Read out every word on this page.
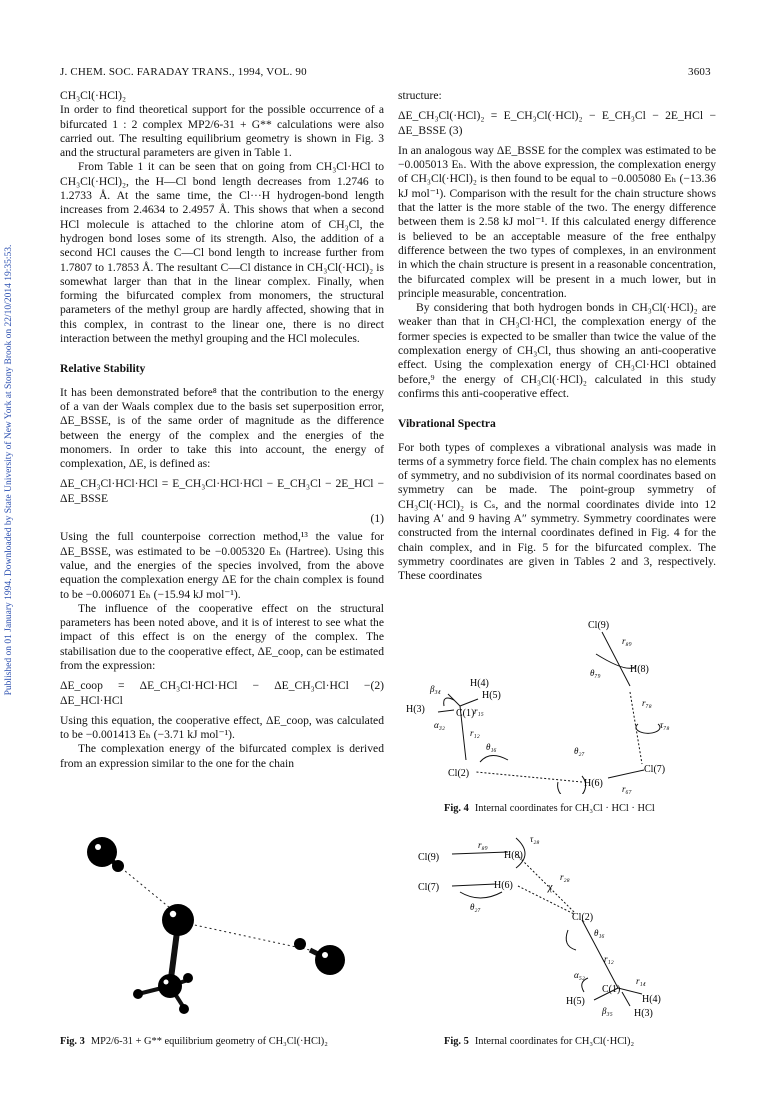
J. CHEM. SOC. FARADAY TRANS., 1994, VOL. 90	3603
Published on 01 January 1994. Downloaded by State University of New York at Stony Brook on 22/10/2014 19:35:53.

CH₃Cl(·HCl)₂

In order to find theoretical support for the possible occurrence of a bifurcated 1 : 2 complex MP2/6-31 + G** calculations were also carried out. The resulting equilibrium geometry is shown in Fig. 3 and the structural parameters are given in Table 1.

From Table 1 it can be seen that on going from CH₃Cl·HCl to CH₃Cl(·HCl)₂, the H—Cl bond length decreases from 1.2746 to 1.2733 Å. At the same time, the Cl···H hydrogen-bond length increases from 2.4634 to 2.4957 Å. This shows that when a second HCl molecule is attached to the chlorine atom of CH₃Cl, the hydrogen bond loses some of its strength. Also, the addition of a second HCl causes the C—Cl bond length to increase further from 1.7807 to 1.7853 Å. The resultant C—Cl distance in CH₃Cl(·HCl)₂ is somewhat larger than that in the linear complex. Finally, when forming the bifurcated complex from monomers, the structural parameters of the methyl group are hardly affected, showing that in this complex, in contrast to the linear one, there is no direct interaction between the methyl grouping and the HCl molecules.

Relative Stability

It has been demonstrated before⁸ that the contribution to the energy of a van der Waals complex due to the basis set superposition error, ΔE_BSSE, is of the same order of magnitude as the difference between the energy of the complex and the energies of the monomers. In order to take this into account, the energy of complexation, ΔE, is defined as:

ΔE_CH₃Cl·HCl·HCl = E_CH₃Cl·HCl·HCl − E_CH₃Cl − 2E_HCl − ΔE_BSSE

(1)

Using the full counterpoise correction method,¹³ the value for ΔE_BSSE, was estimated to be −0.005320 Eₕ (Hartree). Using this value, and the energies of the species involved, from the above equation the complexation energy ΔE for the chain complex is found to be −0.006071 Eₕ (−15.94 kJ mol⁻¹).

The influence of the cooperative effect on the structural parameters has been noted above, and it is of interest to see what the impact of this effect is on the energy of the complex. The stabilisation due to the cooperative effect, ΔE_coop, can be estimated from the expression:

ΔE_coop = ΔE_CH₃Cl·HCl·HCl − ΔE_CH₃Cl·HCl − ΔE_HCl·HCl
(2)

Using this equation, the cooperative effect, ΔE_coop, was calculated to be −0.001413 Eₕ (−3.71 kJ mol⁻¹).

The complexation energy of the bifurcated complex is derived from an expression similar to the one for the chain

structure:

ΔE_CH₃Cl(·HCl)₂ = E_CH₃Cl(·HCl)₂ − E_CH₃Cl − 2E_HCl − ΔE_BSSE (3)

In an analogous way ΔE_BSSE for the complex was estimated to be −0.005013 Eₕ. With the above expression, the complexation energy of CH₃Cl(·HCl)₂ is then found to be equal to −0.005080 Eₕ (−13.36 kJ mol⁻¹). Comparison with the result for the chain structure shows that the latter is the more stable of the two. The energy difference between them is 2.58 kJ mol⁻¹. If this calculated energy difference is believed to be an acceptable measure of the free enthalpy difference between the two types of complexes, in an environment in which the chain structure is present in a reasonable concentration, the bifurcated complex will be present in a much lower, but in principle measurable, concentration.

By considering that both hydrogen bonds in CH₃Cl(·HCl)₂ are weaker than that in CH₃Cl·HCl, the complexation energy of the former species is expected to be smaller than twice the value of the complexation energy of CH₃Cl, thus showing an anti-cooperative effect. Using the complexation energy of CH₃Cl·HCl obtained before,⁹ the energy of CH₃Cl(·HCl)₂ calculated in this study confirms this anti-cooperative effect.

Vibrational Spectra

For both types of complexes a vibrational analysis was made in terms of a symmetry force field. The chain complex has no elements of symmetry, and no subdivision of its normal coordinates based on symmetry can be made. The point-group symmetry of CH₃Cl(·HCl)₂ is Cₛ, and the normal coordinates divide into 12 having A′ and 9 having A″ symmetry. Symmetry coordinates were constructed from the internal coordinates defined in Fig. 4 for the chain complex, and in Fig. 5 for the bifurcated complex. The symmetry coordinates are given in Tables 2 and 3, respectively. These coordinates

Fig. 3 MP2/6-31 + G** equilibrium geometry of CH₃Cl(·HCl)₂
Cl(9)
r₈₉
θ₇₉	H(8)
r₇₈
τ₇₈
Cl(7)
r₆₇
θ₂₇
H(6)
Cl(2)
θ₁₆
r₁₂
α₃₂
H(3)	C(1)
β₃₄	H(4)
H(5)
r₁₅
Fig. 4 Internal coordinates for CH₃Cl · HCl · HCl
Cl(9)
r₈₉
H(8)
τ₂₈
r₂₈
χ
Cl(7)	H(6)
θ₂₇
Cl(2)
θ₁₆
r₁₂
α₅₂
C(1)
r₁₄
H(5)	H(4)
β₃₅ H(3)
Fig. 5 Internal coordinates for CH₃Cl(·HCl)₂
